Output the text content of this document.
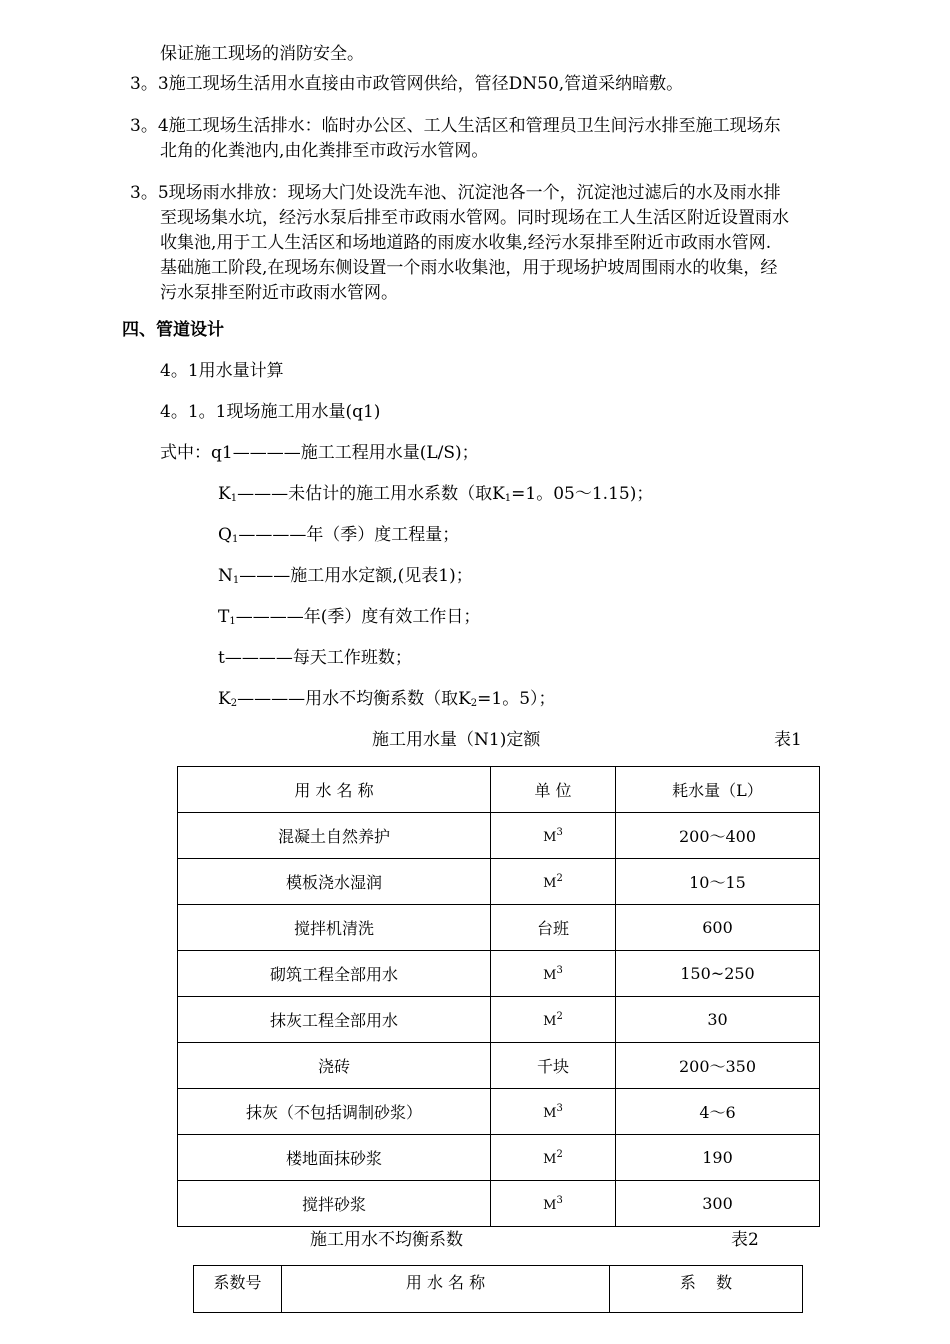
保证施工现场的消防安全。
3。3施工现场生活用水直接由市政管网供给，管径DN50,管道采纳暗敷。
3。4施工现场生活排水：临时办公区、工人生活区和管理员卫生间污水排至施工现场东
北角的化粪池内,由化粪排至市政污水管网。
3。5现场雨水排放：现场大门处设洗车池、沉淀池各一个，沉淀池过滤后的水及雨水排
至现场集水坑，经污水泵后排至市政雨水管网。同时现场在工人生活区附近设置雨水
收集池,用于工人生活区和场地道路的雨废水收集,经污水泵排至附近市政雨水管网.
基础施工阶段,在现场东侧设置一个雨水收集池，用于现场护坡周围雨水的收集，经
污水泵排至附近市政雨水管网。
四、管道设计
4。1用水量计算
4。1。1现场施工用水量(q1)
式中：q1————施工工程用水量(L/S)；
$K_1———$未估计的施工用水系数（取$K_1=1$。05～1.15)；
$Q_1————$年（季）度工程量；
$N_1———$施工用水定额,(见表1)；
$T_1————$年(季）度有效工作日；
t————每天工作班数；
$K_2————$用水不均衡系数（取$K_2=1$。5）；
施工用水量（N1)定额	表1
用 水 名 称	单 位	耗水量（L）
混凝土自然养护	$M^3$	200～400
模板浇水湿润	$M^2$	10～15
搅拌机清洗	台班	600
砌筑工程全部用水	$M^3$	150~250
抹灰工程全部用水	$M^2$	30
浇砖	千块	200～350
抹灰（不包括调制砂浆）	$M^3$	4～6
楼地面抹砂浆	$M^2$	190
搅拌砂浆	$M^3$	300
施工用水不均衡系数	表2
系数号	用 水 名 称	系    数
